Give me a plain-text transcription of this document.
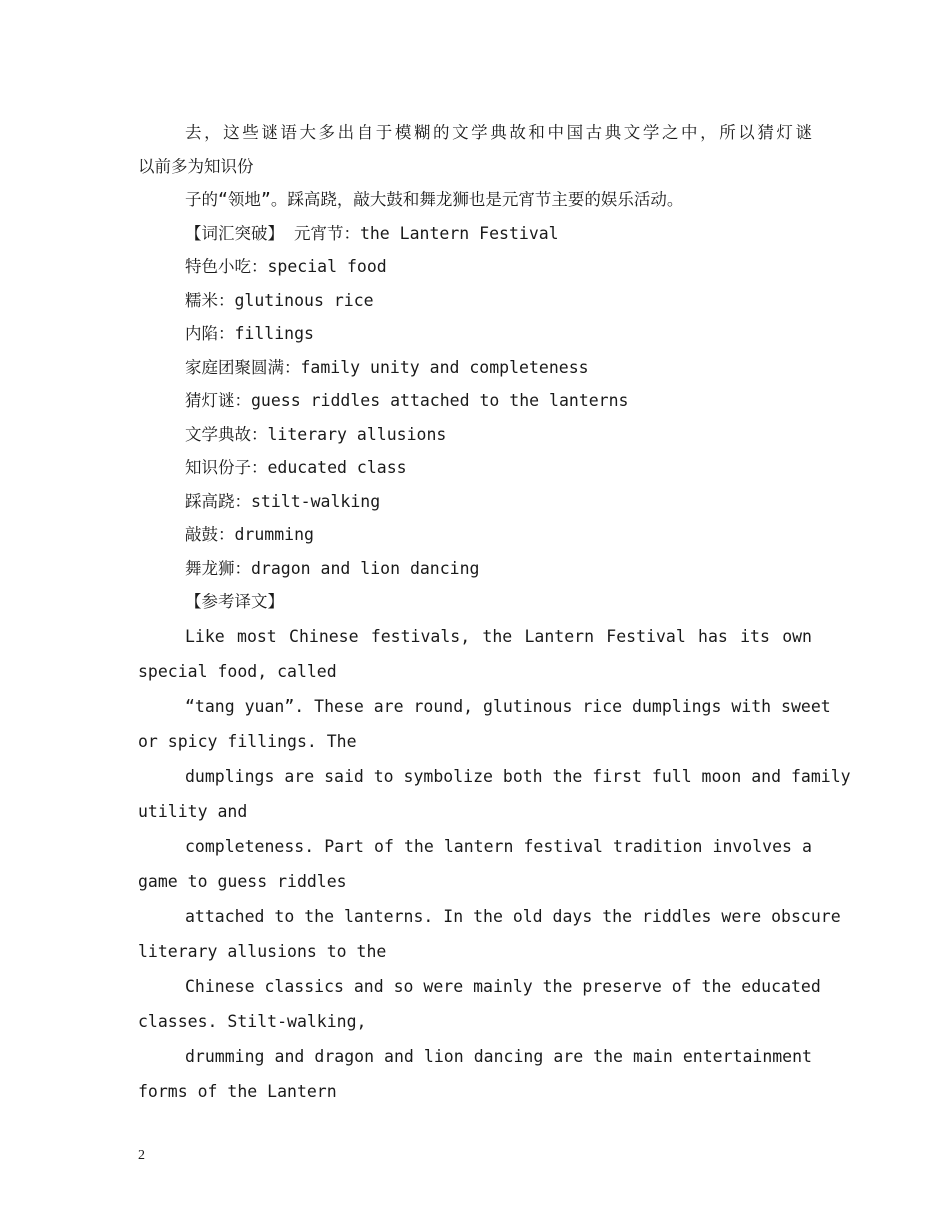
去，这些谜语大多出自于模糊的文学典故和中国古典文学之中，所以猜灯谜
以前多为知识份
子的“领地”。踩高跷，敲大鼓和舞龙狮也是元宵节主要的娱乐活动。
【词汇突破】 元宵节：the Lantern Festival
特色小吃：special food
糯米：glutinous rice
内陷：fillings
家庭团聚圆满：family unity and completeness
猜灯谜：guess riddles attached to the lanterns
文学典故：literary allusions
知识份子：educated class
踩高跷：stilt-walking
敲鼓：drumming
舞龙狮：dragon and lion dancing
【参考译文】
Like most Chinese festivals, the Lantern Festival has its own
special food, called
“tang yuan”. These are round, glutinous rice dumplings with sweet
or spicy fillings. The
dumplings are said to symbolize both the first full moon and family
utility and
completeness. Part of the lantern festival tradition involves a
game to guess riddles
attached to the lanterns. In the old days the riddles were obscure
literary allusions to the
Chinese classics and so were mainly the preserve of the educated
classes. Stilt-walking,
drumming and dragon and lion dancing are the main entertainment
forms of the Lantern
2
